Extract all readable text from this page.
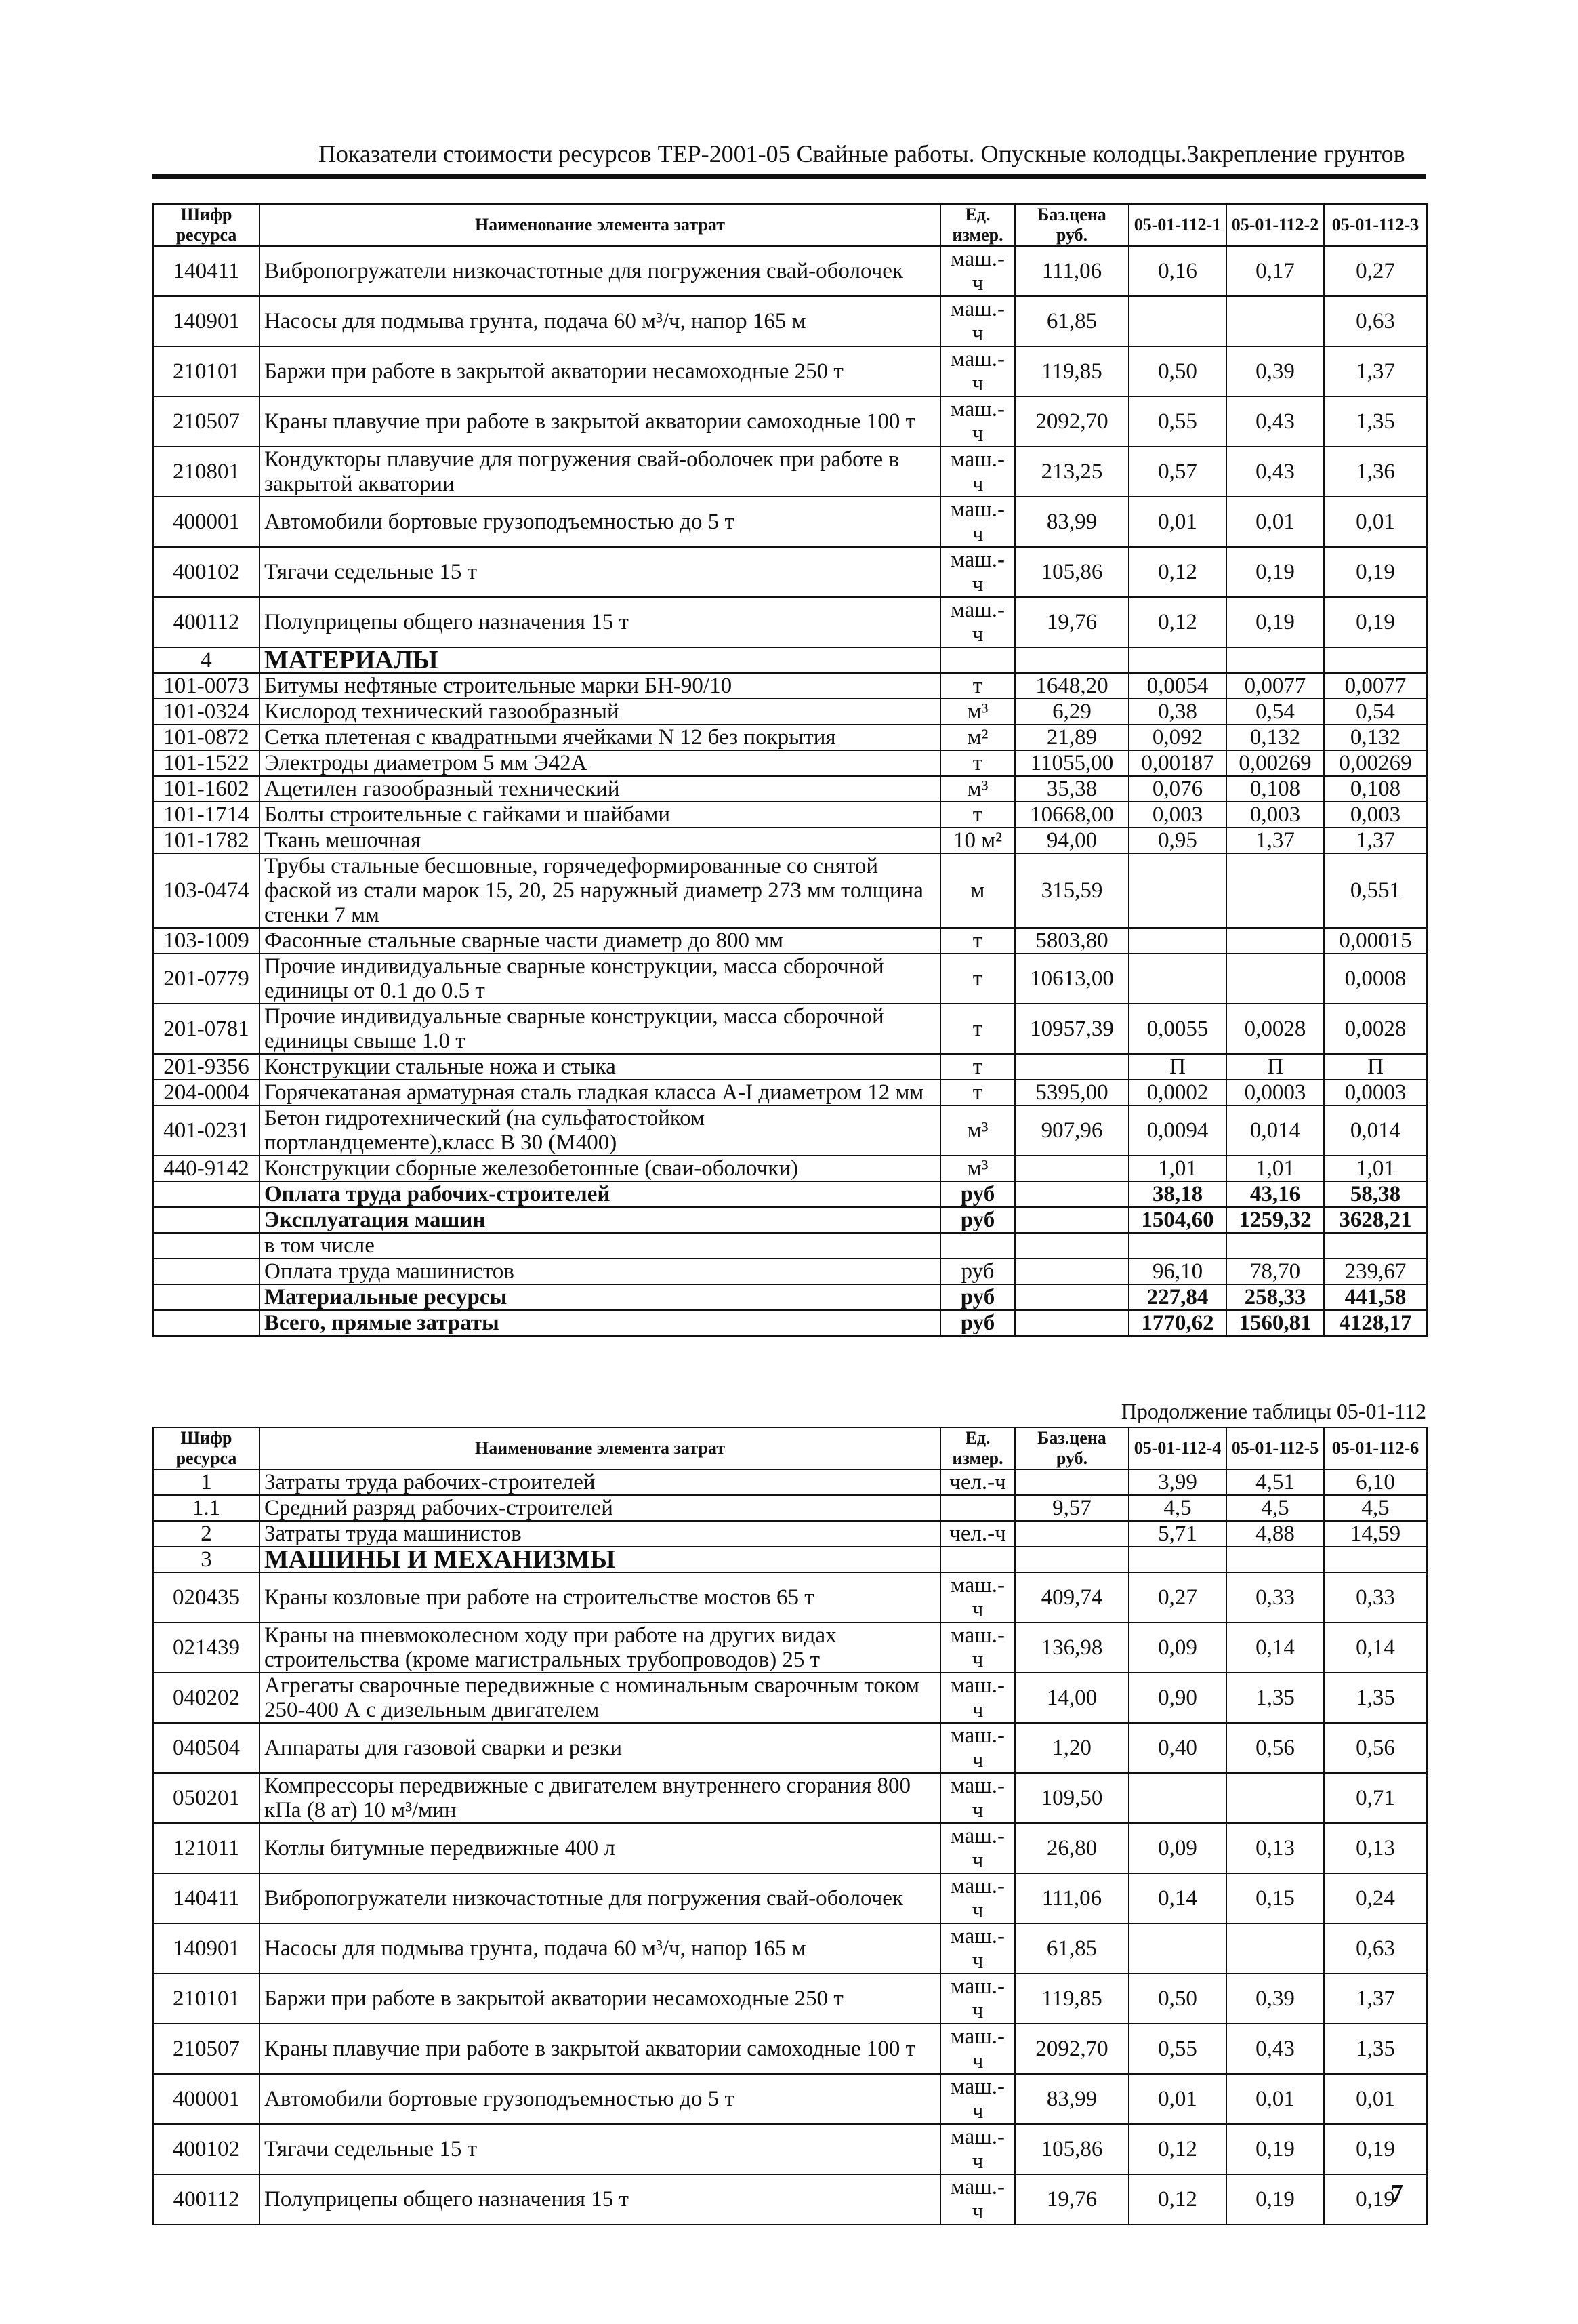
Показатели стоимости ресурсов ТЕР-2001-05 Свайные работы. Опускные колодцы.Закрепление грунтов
Шифр ресурса	Наименование элемента затрат	Ед. измер.	Баз.цена руб.	05-01-112-1	05-01-112-2	05-01-112-3
140411	Вибропогружатели низкочастотные для погружения свай-оболочек	маш.-ч	111,06	0,16	0,17	0,27
140901	Насосы для подмыва грунта, подача 60 м³/ч, напор 165 м	маш.-ч	61,85			0,63
210101	Баржи при работе в закрытой акватории несамоходные 250 т	маш.-ч	119,85	0,50	0,39	1,37
210507	Краны плавучие при работе в закрытой акватории самоходные 100 т	маш.-ч	2092,70	0,55	0,43	1,35
210801	Кондукторы плавучие для погружения свай-оболочек при работе в закрытой акватории	маш.-ч	213,25	0,57	0,43	1,36
400001	Автомобили бортовые грузоподъемностью до 5 т	маш.-ч	83,99	0,01	0,01	0,01
400102	Тягачи седельные 15 т	маш.-ч	105,86	0,12	0,19	0,19
400112	Полуприцепы общего назначения 15 т	маш.-ч	19,76	0,12	0,19	0,19
4	МАТЕРИАЛЫ					
101-0073	Битумы нефтяные строительные марки БН-90/10	т	1648,20	0,0054	0,0077	0,0077
101-0324	Кислород технический газообразный	м³	6,29	0,38	0,54	0,54
101-0872	Сетка плетеная с квадратными ячейками N 12 без покрытия	м²	21,89	0,092	0,132	0,132
101-1522	Электроды диаметром 5 мм Э42А	т	11055,00	0,00187	0,00269	0,00269
101-1602	Ацетилен газообразный технический	м³	35,38	0,076	0,108	0,108
101-1714	Болты строительные с гайками и шайбами	т	10668,00	0,003	0,003	0,003
101-1782	Ткань мешочная	10 м²	94,00	0,95	1,37	1,37
103-0474	Трубы стальные бесшовные, горячедеформированные со снятой фаской из стали марок 15, 20, 25 наружный диаметр 273 мм толщина стенки 7 мм	м	315,59			0,551
103-1009	Фасонные стальные сварные части диаметр до 800 мм	т	5803,80			0,00015
201-0779	Прочие индивидуальные сварные конструкции, масса сборочной единицы от 0.1 до 0.5 т	т	10613,00			0,0008
201-0781	Прочие индивидуальные сварные конструкции, масса сборочной единицы свыше 1.0 т	т	10957,39	0,0055	0,0028	0,0028
201-9356	Конструкции стальные ножа и стыка	т		П	П	П
204-0004	Горячекатаная арматурная сталь гладкая класса А-I диаметром 12 мм	т	5395,00	0,0002	0,0003	0,0003
401-0231	Бетон гидротехнический (на сульфатостойком портландцементе),класс В 30 (М400)	м³	907,96	0,0094	0,014	0,014
440-9142	Конструкции сборные железобетонные (сваи-оболочки)	м³		1,01	1,01	1,01
	Оплата труда рабочих-строителей	руб		38,18	43,16	58,38
	Эксплуатация машин	руб		1504,60	1259,32	3628,21
	в том числе					
	Оплата труда машинистов	руб		96,10	78,70	239,67
	Материальные ресурсы	руб		227,84	258,33	441,58
	Всего, прямые затраты	руб		1770,62	1560,81	4128,17
Продолжение таблицы 05-01-112
Шифр ресурса	Наименование элемента затрат	Ед. измер.	Баз.цена руб.	05-01-112-4	05-01-112-5	05-01-112-6
1	Затраты труда рабочих-строителей	чел.-ч		3,99	4,51	6,10
1.1	Средний разряд рабочих-строителей		9,57	4,5	4,5	4,5
2	Затраты труда машинистов	чел.-ч		5,71	4,88	14,59
3	МАШИНЫ И МЕХАНИЗМЫ					
020435	Краны козловые при работе на строительстве мостов 65 т	маш.-ч	409,74	0,27	0,33	0,33
021439	Краны на пневмоколесном ходу при работе на других видах строительства (кроме магистральных трубопроводов) 25 т	маш.-ч	136,98	0,09	0,14	0,14
040202	Агрегаты сварочные передвижные с номинальным сварочным током 250-400 А с дизельным двигателем	маш.-ч	14,00	0,90	1,35	1,35
040504	Аппараты для газовой сварки и резки	маш.-ч	1,20	0,40	0,56	0,56
050201	Компрессоры передвижные с двигателем внутреннего сгорания 800 кПа (8 ат) 10 м³/мин	маш.-ч	109,50			0,71
121011	Котлы битумные передвижные 400 л	маш.-ч	26,80	0,09	0,13	0,13
140411	Вибропогружатели низкочастотные для погружения свай-оболочек	маш.-ч	111,06	0,14	0,15	0,24
140901	Насосы для подмыва грунта, подача 60 м³/ч, напор 165 м	маш.-ч	61,85			0,63
210101	Баржи при работе в закрытой акватории несамоходные 250 т	маш.-ч	119,85	0,50	0,39	1,37
210507	Краны плавучие при работе в закрытой акватории самоходные 100 т	маш.-ч	2092,70	0,55	0,43	1,35
400001	Автомобили бортовые грузоподъемностью до 5 т	маш.-ч	83,99	0,01	0,01	0,01
400102	Тягачи седельные 15 т	маш.-ч	105,86	0,12	0,19	0,19
400112	Полуприцепы общего назначения 15 т	маш.-ч	19,76	0,12	0,19	0,19
7
